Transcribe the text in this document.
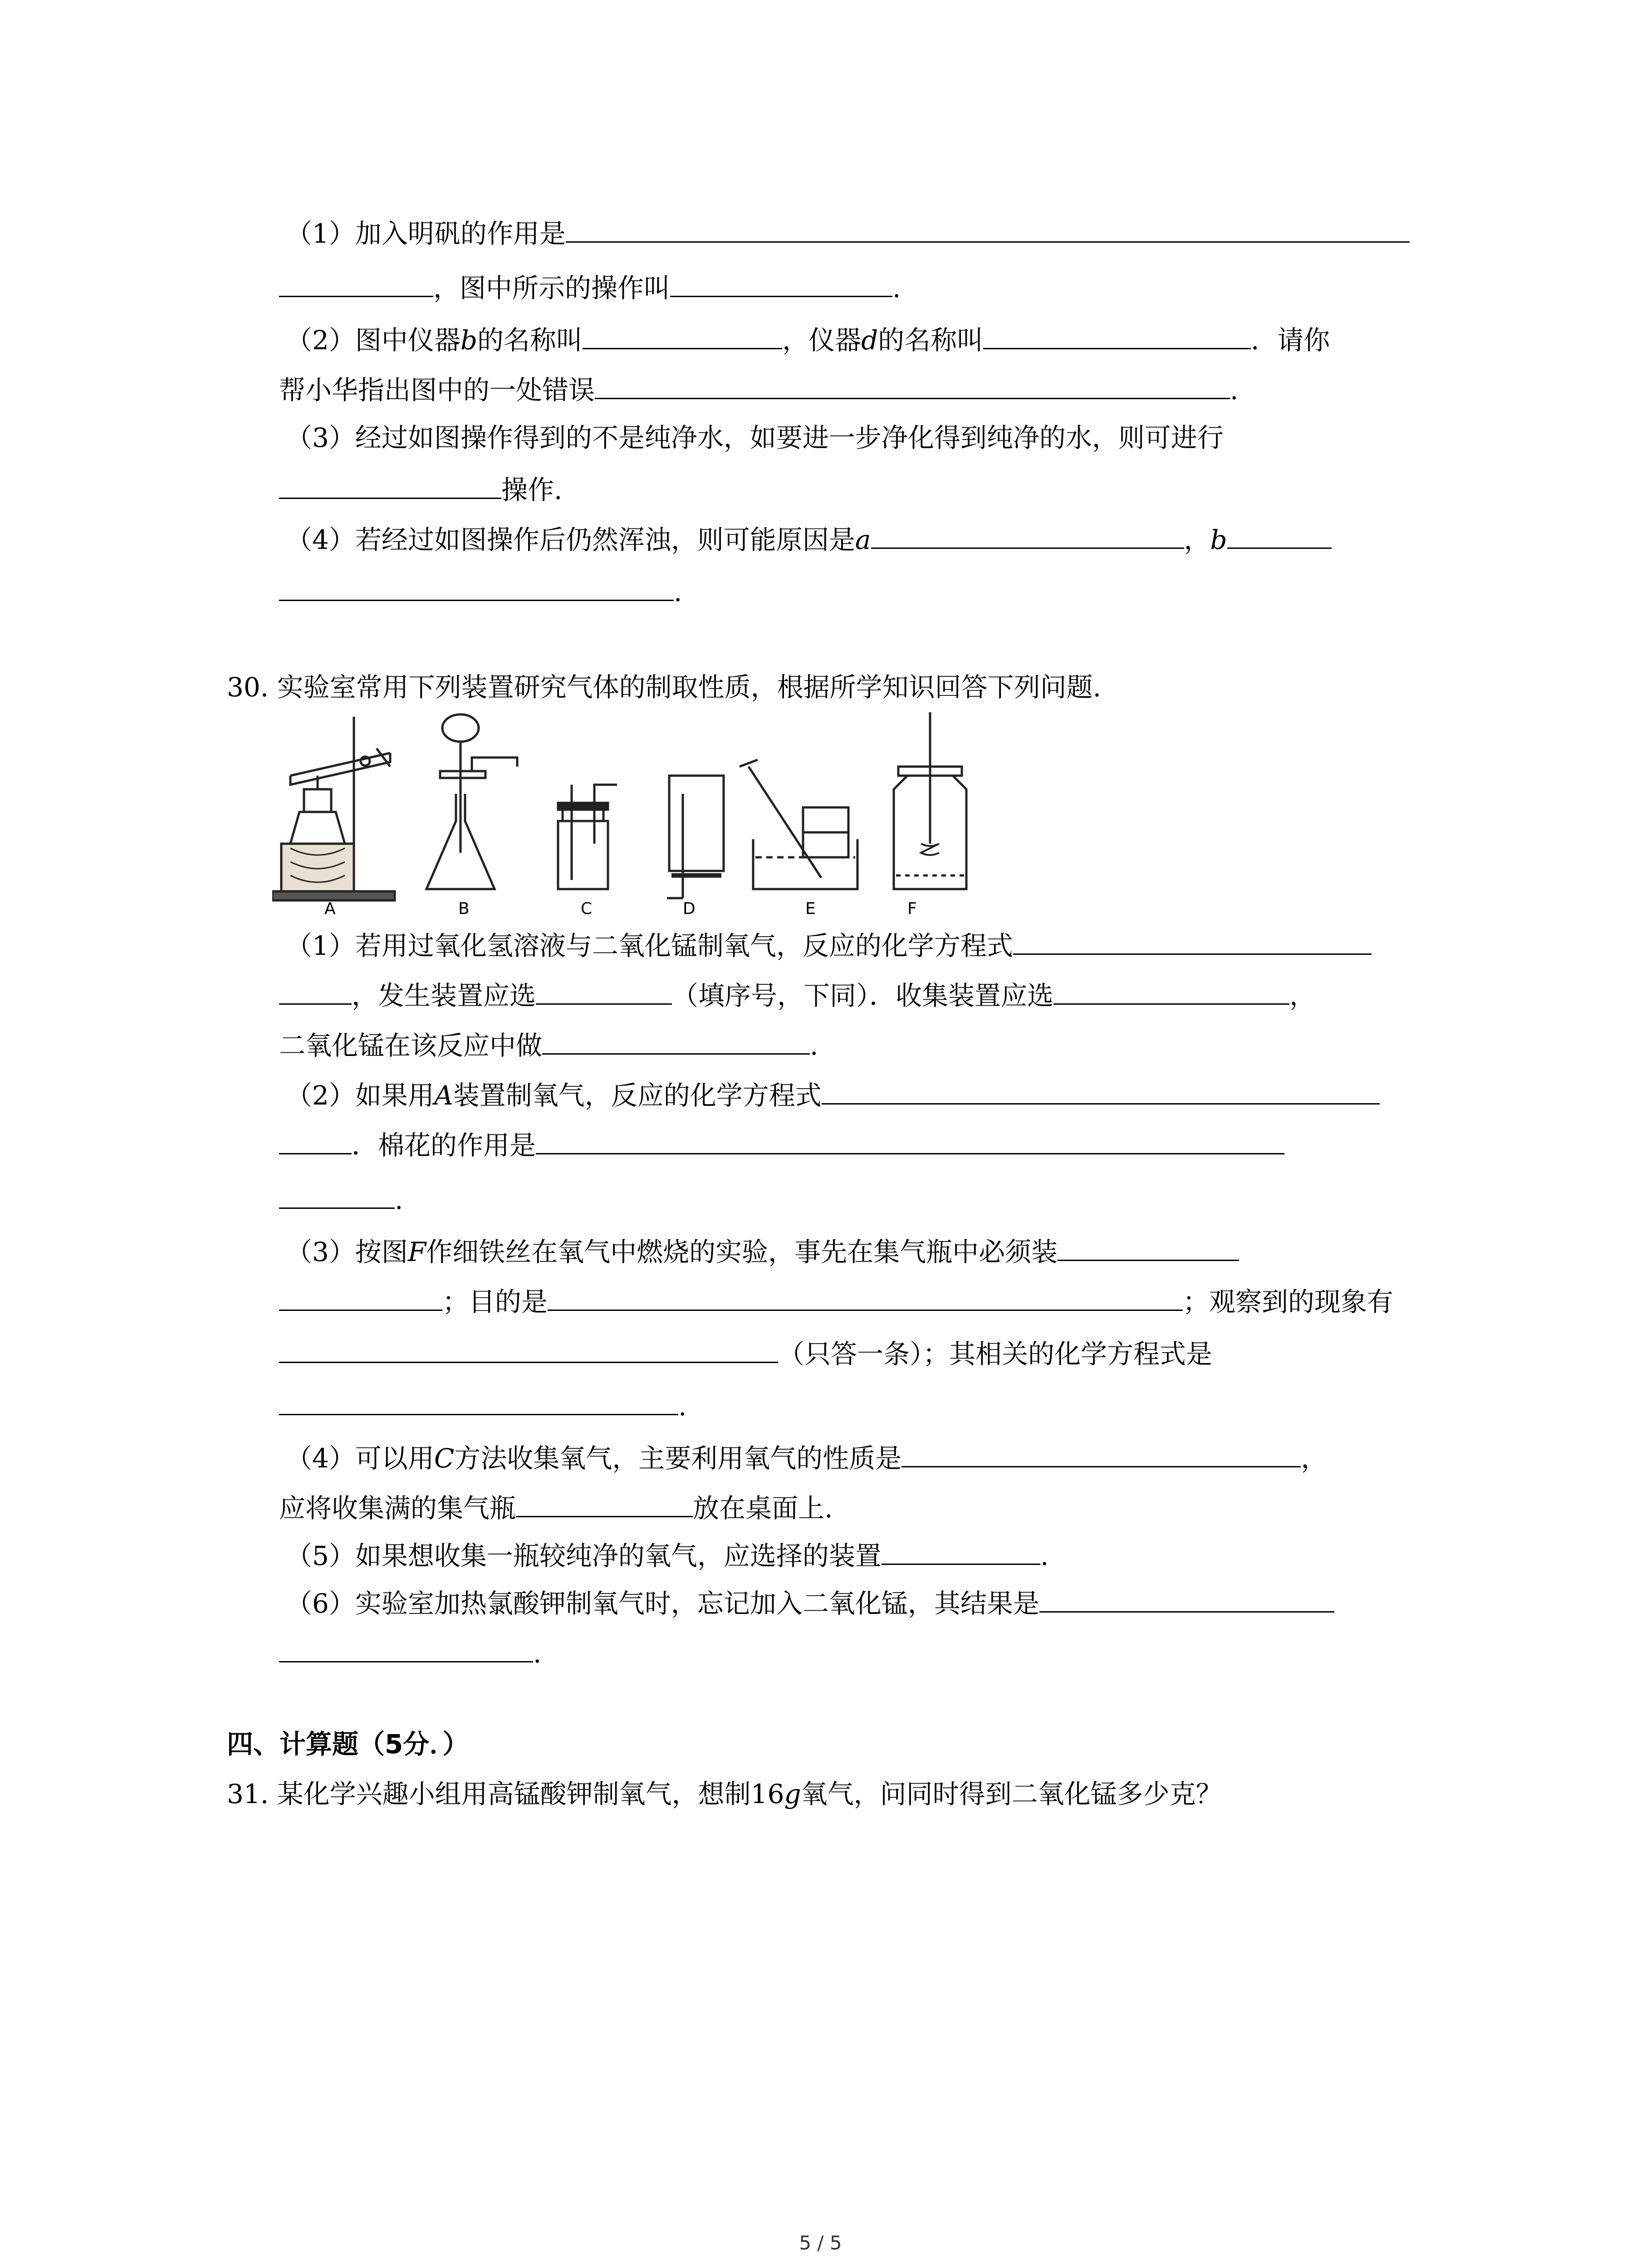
（1）加入明矾的作用是
，图中所示的操作叫	.
（2）图中仪器b的名称叫	，仪器d的名称叫	．请你
帮小华指出图中的一处错误	.
（3）经过如图操作得到的不是纯净水，如要进一步净化得到纯净的水，则可进行
操作.
（4）若经过如图操作后仍然浑浊，则可能原因是a	，b
.
30. 实验室常用下列装置研究气体的制取性质，根据所学知识回答下列问题.
A	B	C	D	E	F
（1）若用过氧化氢溶液与二氧化锰制氧气，反应的化学方程式
，发生装置应选	（填序号，下同）．收集装置应选	，
二氧化锰在该反应中做	.
（2）如果用A装置制氧气，反应的化学方程式
．棉花的作用是
.
（3）按图F作细铁丝在氧气中燃烧的实验，事先在集气瓶中必须装
；目的是	；观察到的现象有
（只答一条）；其相关的化学方程式是
.
（4）可以用C方法收集氧气，主要利用氧气的性质是	，
应将收集满的集气瓶	放在桌面上.
（5）如果想收集一瓶较纯净的氧气，应选择的装置	.
（6）实验室加热氯酸钾制氧气时，忘记加入二氧化锰，其结果是
.
四、计算题（5分．）
31. 某化学兴趣小组用高锰酸钾制氧气，想制16g氧气，问同时得到二氧化锰多少克？
5 / 5
